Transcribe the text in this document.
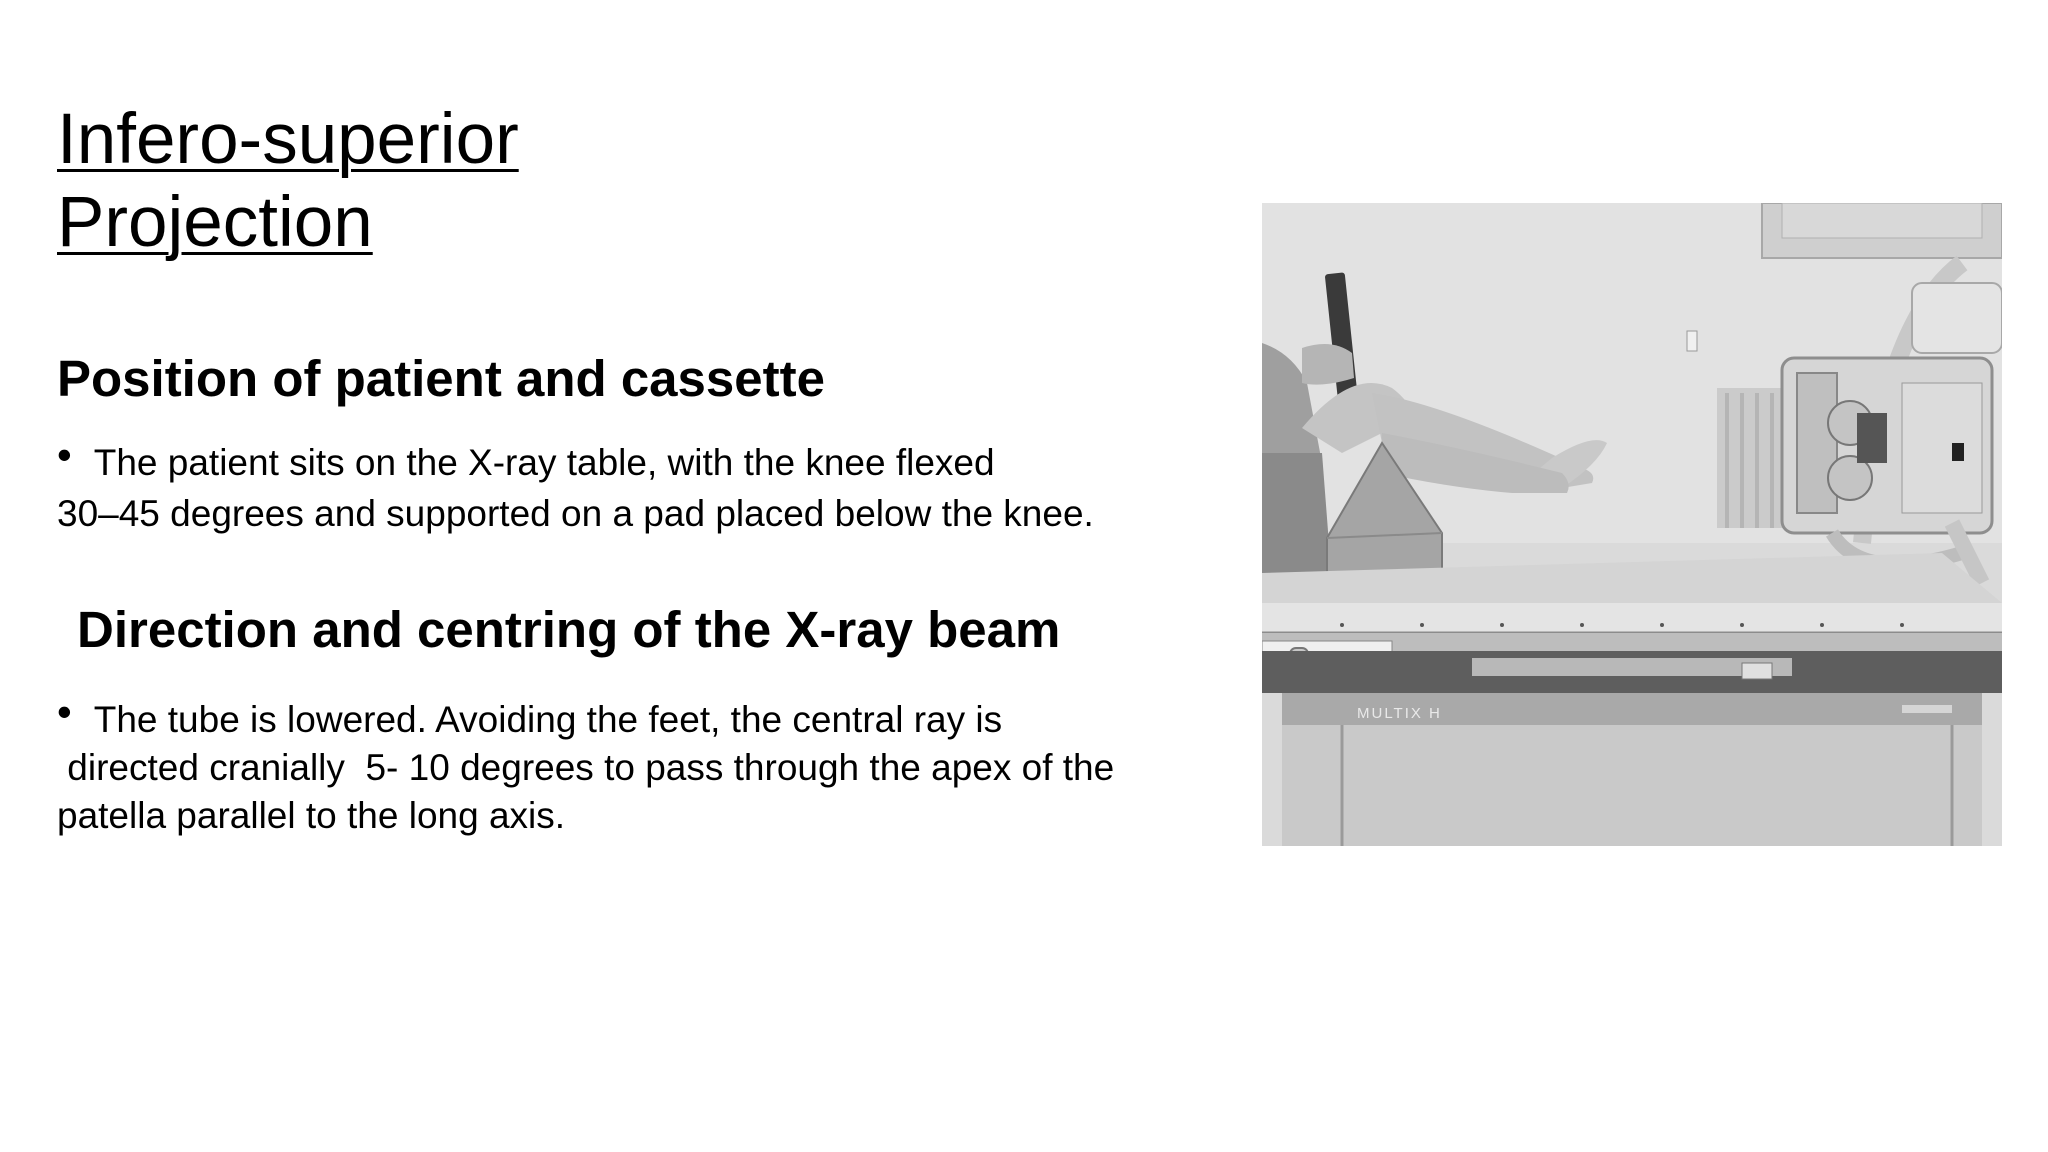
Infero-superior
Projection
Position of patient and cassette
• The patient sits on the X-ray table, with the knee flexed
30–45 degrees and supported on a pad placed below the knee.
Direction and centring of the X-ray beam
• The tube is lowered. Avoiding the feet, the central ray is
directed cranially  5- 10 degrees to pass through the apex of the
patella parallel to the long axis.
MULTIX H
